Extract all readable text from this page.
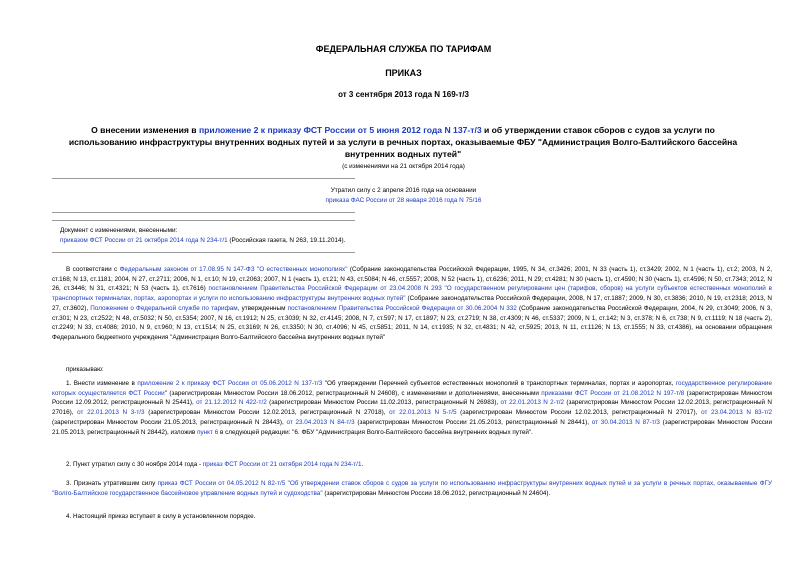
ФЕДЕРАЛЬНАЯ СЛУЖБА ПО ТАРИФАМ
ПРИКАЗ
от 3 сентября 2013 года N 169-т/3
О внесении изменения в приложение 2 к приказу ФСТ России от 5 июня 2012 года N 137-т/3 и об утверждении ставок сборов с судов за услуги по использованию инфраструктуры внутренних водных путей и за услуги в речных портах, оказываемые ФБУ "Администрация Волго-Балтийского бассейна внутренних водных путей"
(с изменениями на 21 октября 2014 года)
Утратил силу с 2 апреля 2016 года на основании
приказа ФАС России от 28 января 2016 года N 75/16
Документ с изменениями, внесенными:
приказом ФСТ России от 21 октября 2014 года N 234-т/1 (Российская газета, N 263, 19.11.2014).
В соответствии с Федеральным законом от 17.08.95 N 147-ФЗ "О естественных монополиях" (Собрание законодательства Российской Федерации, 1995, N 34, ст.3426; 2001, N 33 (часть 1), ст.3429; 2002, N 1 (часть 1), ст.2; 2003, N 2, ст.168; N 13, ст.1181; 2004, N 27, ст.2711; 2006, N 1, ст.10; N 19, ст.2063; 2007, N 1 (часть 1), ст.21; N 43, ст.5084; N 46, ст.5557; 2008, N 52 (часть 1), ст.6236; 2011, N 29; ст.4281; N 30 (часть 1), ст.4590; N 30 (часть 1), ст.4596; N 50, ст.7343; 2012, N 26, ст.3446; N 31, ст.4321; N 53 (часть 1), ст.7616) постановлением Правительства Российской Федерации от 23.04.2008 N 293 "О государственном регулировании цен (тарифов, сборов) на услуги субъектов естественных монополий в транспортных терминалах, портах, аэропортах и услуги по использованию инфраструктуры внутренних водных путей" (Собрание законодательства Российской Федерации, 2008, N 17, ст.1887; 2009, N 30, ст.3836; 2010, N 19, ст.2318; 2013, N 27, ст.3602), Положением о Федеральной службе по тарифам, утвержденным постановлением Правительства Российской Федерации от 30.06.2004 N 332 (Собрание законодательства Российской Федерации, 2004, N 29, ст.3049; 2006, N 3, ст.301; N 23, ст.2522; N 48, ст.5032; N 50, ст.5354; 2007, N 16, ст.1912; N 25, ст.3039; N 32, ст.4145; 2008, N 7, ст.597; N 17, ст.1897; N 23, ст.2719; N 38, ст.4309; N 46, ст.5337; 2009, N 1, ст.142; N 3, ст.378; N 6, ст.738; N 9, ст.1119; N 18 (часть 2), ст.2249; N 33, ст.4086; 2010, N 9, ст.960; N 13, ст.1514; N 25, ст.3169; N 26, ст.3350; N 30, ст.4096; N 45, ст.5851; 2011, N 14, ст.1935; N 32, ст.4831; N 42, ст.5925; 2013, N 11, ст.1126; N 13, ст.1555; N 33, ст.4386), на основании обращения Федерального бюджетного учреждения "Администрация Волго-Балтийского бассейна внутренних водных путей"
приказываю:
1. Внести изменение в приложение 2 к приказу ФСТ России от 05.06.2012 N 137-т/3 "Об утверждении Перечней субъектов естественных монополий в транспортных терминалах, портах и аэропортах, государственное регулирование которых осуществляется ФСТ России" (зарегистрирован Минюстом России 18.06.2012, регистрационный N 24608), с изменениями и дополнениями, внесенными приказами ФСТ России от 21.08.2012 N 197-т/8 (зарегистрирован Минюстом России 12.09.2012, регистрационный N 25441), от 21.12.2012 N 422-т/2 (зарегистрирован Минюстом России 11.02.2013, регистрационный N 26983), от 22.01.2013 N 2-т/2 (зарегистрирован Минюстом России 12.02.2013, регистрационный N 27016), от 22.01.2013 N 3-т/3 (зарегистрирован Минюстом России 12.02.2013, регистрационный N 27018), от 22.01.2013 N 5-т/5 (зарегистрирован Минюстом России 12.02.2013, регистрационный N 27017), от 23.04.2013 N 83-т/2 (зарегистрирован Минюстом России 21.05.2013, регистрационный N 28443), от 23.04.2013 N 84-т/3 (зарегистрирован Минюстом России 21.05.2013, регистрационный N 28441), от 30.04.2013 N 87-т/3 (зарегистрирован Минюстом России 21.05.2013, регистрационный N 28442), изложив пункт 6 в следующей редакции: "6. ФБУ "Администрация Волго-Балтийского бассейна внутренних водных путей".
2. Пункт утратил силу с 30 ноября 2014 года - приказ ФСТ России от 21 октября 2014 года N 234-т/1.
3. Признать утратившим силу приказ ФСТ России от 04.05.2012 N 82-т/5 "Об утверждении ставок сборов с судов за услуги по использованию инфраструктуры внутренних водных путей и за услуги в речных портах, оказываемые ФГУ "Волго-Балтийское государственное бассейновое управление водных путей и судоходства" (зарегистрирован Минюстом России 18.06.2012, регистрационный N 24604).
4. Настоящий приказ вступает в силу в установленном порядке.
